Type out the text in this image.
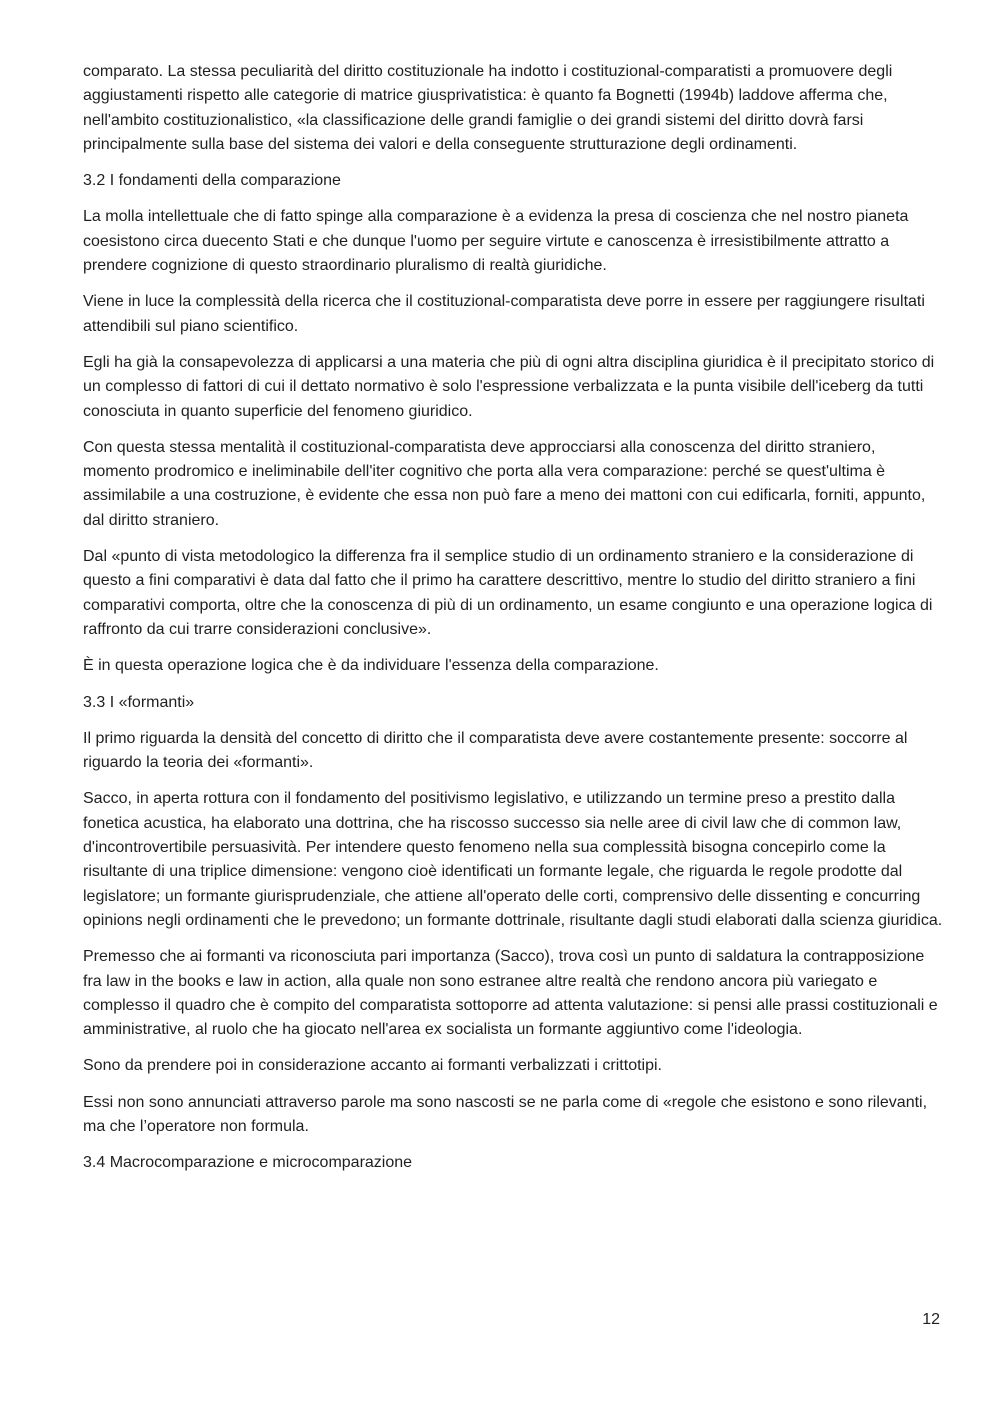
comparato. La stessa peculiarità del diritto costituzionale ha indotto i costituzional-comparatisti a promuovere degli aggiustamenti rispetto alle categorie di matrice giusprivatistica: è quanto fa Bognetti (1994b) laddove afferma che, nell'ambito costituzionalistico, «la classificazione delle grandi famiglie o dei grandi sistemi del diritto dovrà farsi principalmente sulla base del sistema dei valori e della conseguente strutturazione degli ordinamenti.

3.2 I fondamenti della comparazione

La molla intellettuale che di fatto spinge alla comparazione è a evidenza la presa di coscienza che nel nostro pianeta coesistono circa duecento Stati e che dunque l'uomo per seguire virtute e canoscenza è irresistibilmente attratto a prendere cognizione di questo straordinario pluralismo di realtà giuridiche.

Viene in luce la complessità della ricerca che il costituzional-comparatista deve porre in essere per raggiungere risultati attendibili sul piano scientifico.

Egli ha già la consapevolezza di applicarsi a una materia che più di ogni altra disciplina giuridica è il precipitato storico di un complesso di fattori di cui il dettato normativo è solo l'espressione verbalizzata e la punta visibile dell'iceberg da tutti conosciuta in quanto superficie del fenomeno giuridico.

Con questa stessa mentalità il costituzional-comparatista deve approcciarsi alla conoscenza del diritto straniero, momento prodromico e ineliminabile dell'iter cognitivo che porta alla vera comparazione: perché se quest'ultima è assimilabile a una costruzione, è evidente che essa non può fare a meno dei mattoni con cui edificarla, forniti, appunto, dal diritto straniero.

Dal «punto di vista metodologico la differenza fra il semplice studio di un ordinamento straniero e la considerazione di questo a fini comparativi è data dal fatto che il primo ha carattere descrittivo, mentre lo studio del diritto straniero a fini comparativi comporta, oltre che la conoscenza di più di un ordinamento, un esame congiunto e una operazione logica di raffronto da cui trarre considerazioni conclusive».

È in questa operazione logica che è da individuare l'essenza della comparazione.

3.3 I «formanti»

Il primo riguarda la densità del concetto di diritto che il comparatista deve avere costantemente presente: soccorre al riguardo la teoria dei «formanti».

Sacco, in aperta rottura con il fondamento del positivismo legislativo, e utilizzando un termine preso a prestito dalla fonetica acustica, ha elaborato una dottrina, che ha riscosso successo sia nelle aree di civil law che di common law, d'incontrovertibile persuasività. Per intendere questo fenomeno nella sua complessità bisogna concepirlo come la risultante di una triplice dimensione: vengono cioè identificati un formante legale, che riguarda le regole prodotte dal legislatore; un formante giurisprudenziale, che attiene all'operato delle corti, comprensivo delle dissenting e concurring opinions negli ordinamenti che le prevedono; un formante dottrinale, risultante dagli studi elaborati dalla scienza giuridica.

Premesso che ai formanti va riconosciuta pari importanza (Sacco), trova così un punto di saldatura la contrapposizione fra law in the books e law in action, alla quale non sono estranee altre realtà che rendono ancora più variegato e complesso il quadro che è compito del comparatista sottoporre ad attenta valutazione: si pensi alle prassi costituzionali e amministrative, al ruolo che ha giocato nell'area ex socialista un formante aggiuntivo come l'ideologia.

Sono da prendere poi in considerazione accanto ai formanti verbalizzati i crittotipi.

Essi non sono annunciati attraverso parole ma sono nascosti se ne parla come di «regole che esistono e sono rilevanti, ma che l’operatore non formula.

3.4 Macrocomparazione e microcomparazione

12
